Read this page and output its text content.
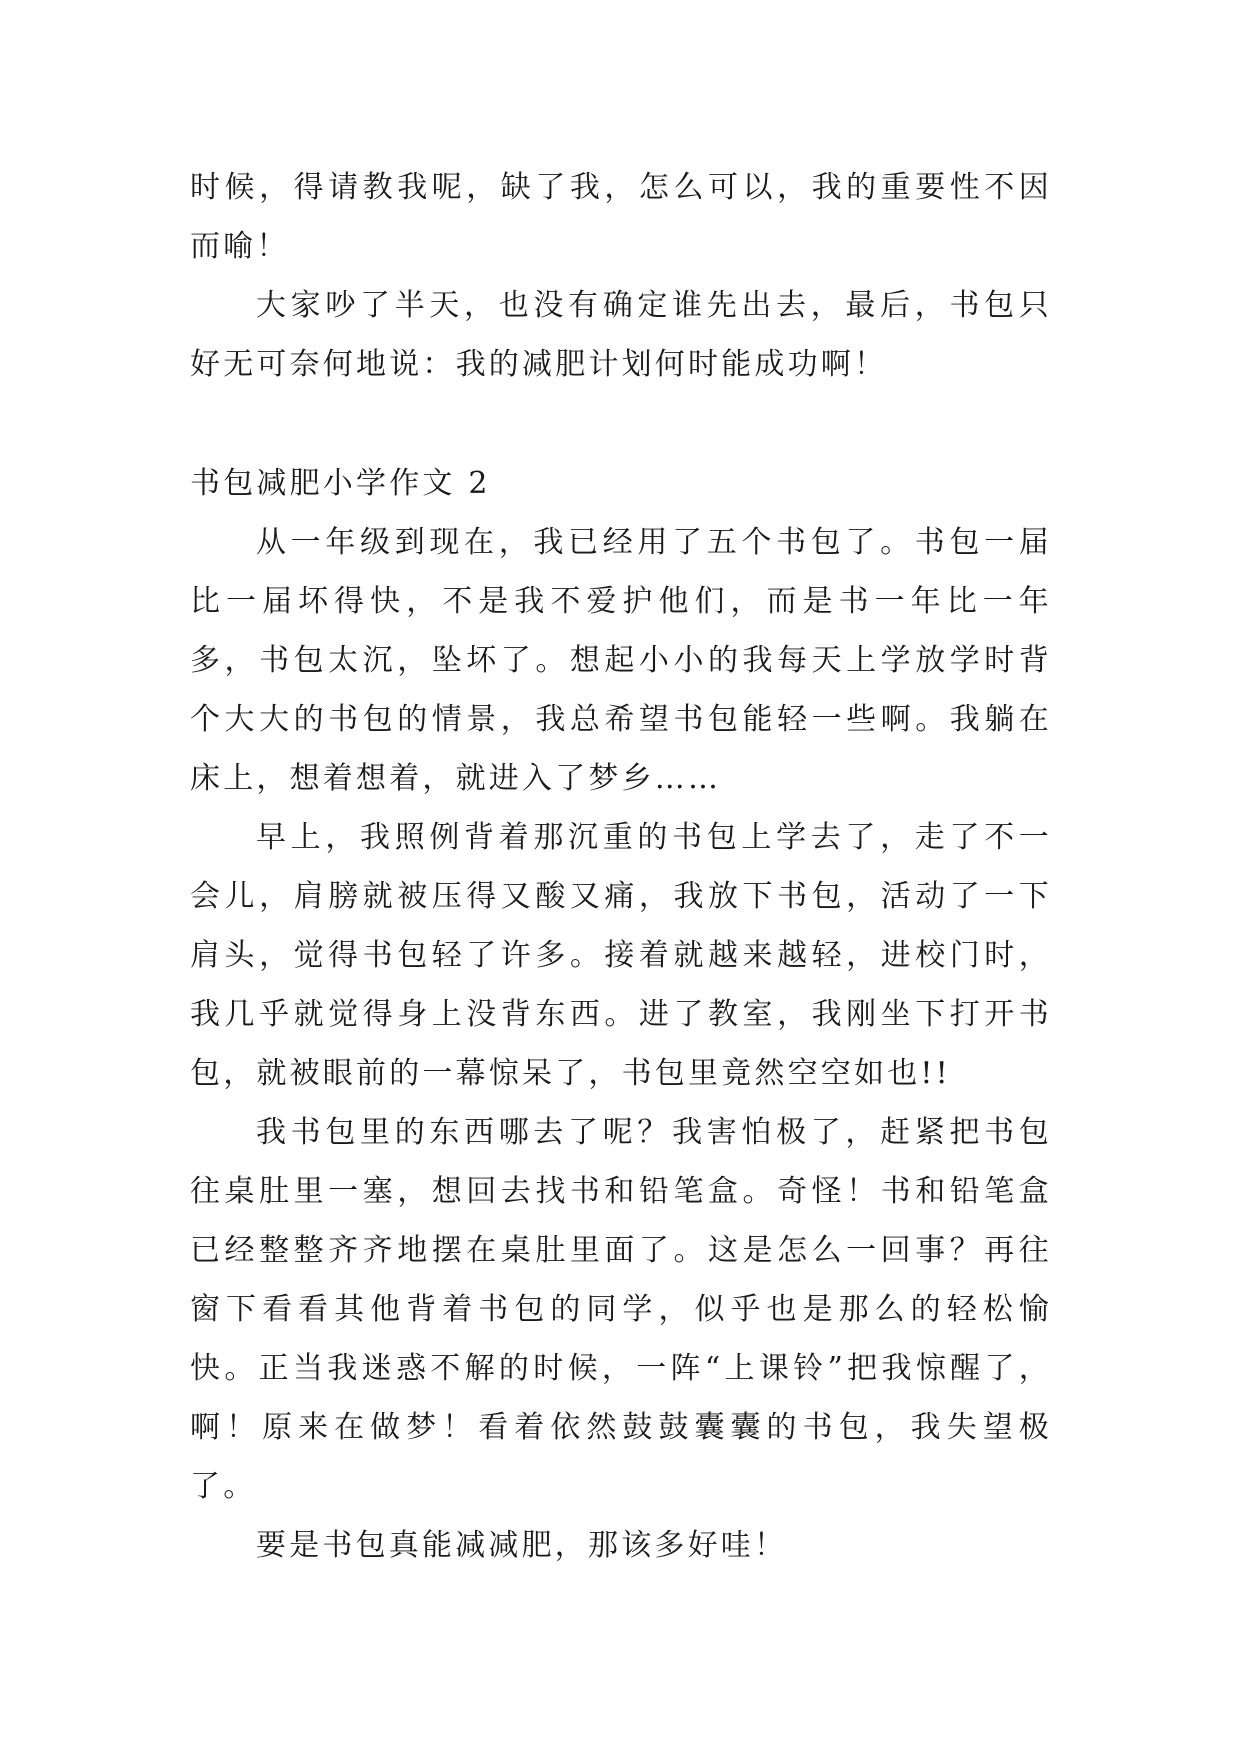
时候，得请教我呢，缺了我，怎么可以，我的重要性不因而喻！

大家吵了半天，也没有确定谁先出去，最后，书包只好无可奈何地说：我的减肥计划何时能成功啊！

书包减肥小学作文 2

从一年级到现在，我已经用了五个书包了。书包一届比一届坏得快，不是我不爱护他们，而是书一年比一年多，书包太沉，坠坏了。想起小小的我每天上学放学时背个大大的书包的情景，我总希望书包能轻一些啊。我躺在床上，想着想着，就进入了梦乡……

早上，我照例背着那沉重的书包上学去了，走了不一会儿，肩膀就被压得又酸又痛，我放下书包，活动了一下肩头，觉得书包轻了许多。接着就越来越轻，进校门时，我几乎就觉得身上没背东西。进了教室，我刚坐下打开书包，就被眼前的一幕惊呆了，书包里竟然空空如也!!

我书包里的东西哪去了呢？我害怕极了，赶紧把书包往桌肚里一塞，想回去找书和铅笔盒。奇怪！书和铅笔盒已经整整齐齐地摆在桌肚里面了。这是怎么一回事？再往窗下看看其他背着书包的同学，似乎也是那么的轻松愉快。正当我迷惑不解的时候，一阵“上课铃”把我惊醒了，啊！原来在做梦！看着依然鼓鼓囊囊的书包，我失望极了。

要是书包真能减减肥，那该多好哇！
